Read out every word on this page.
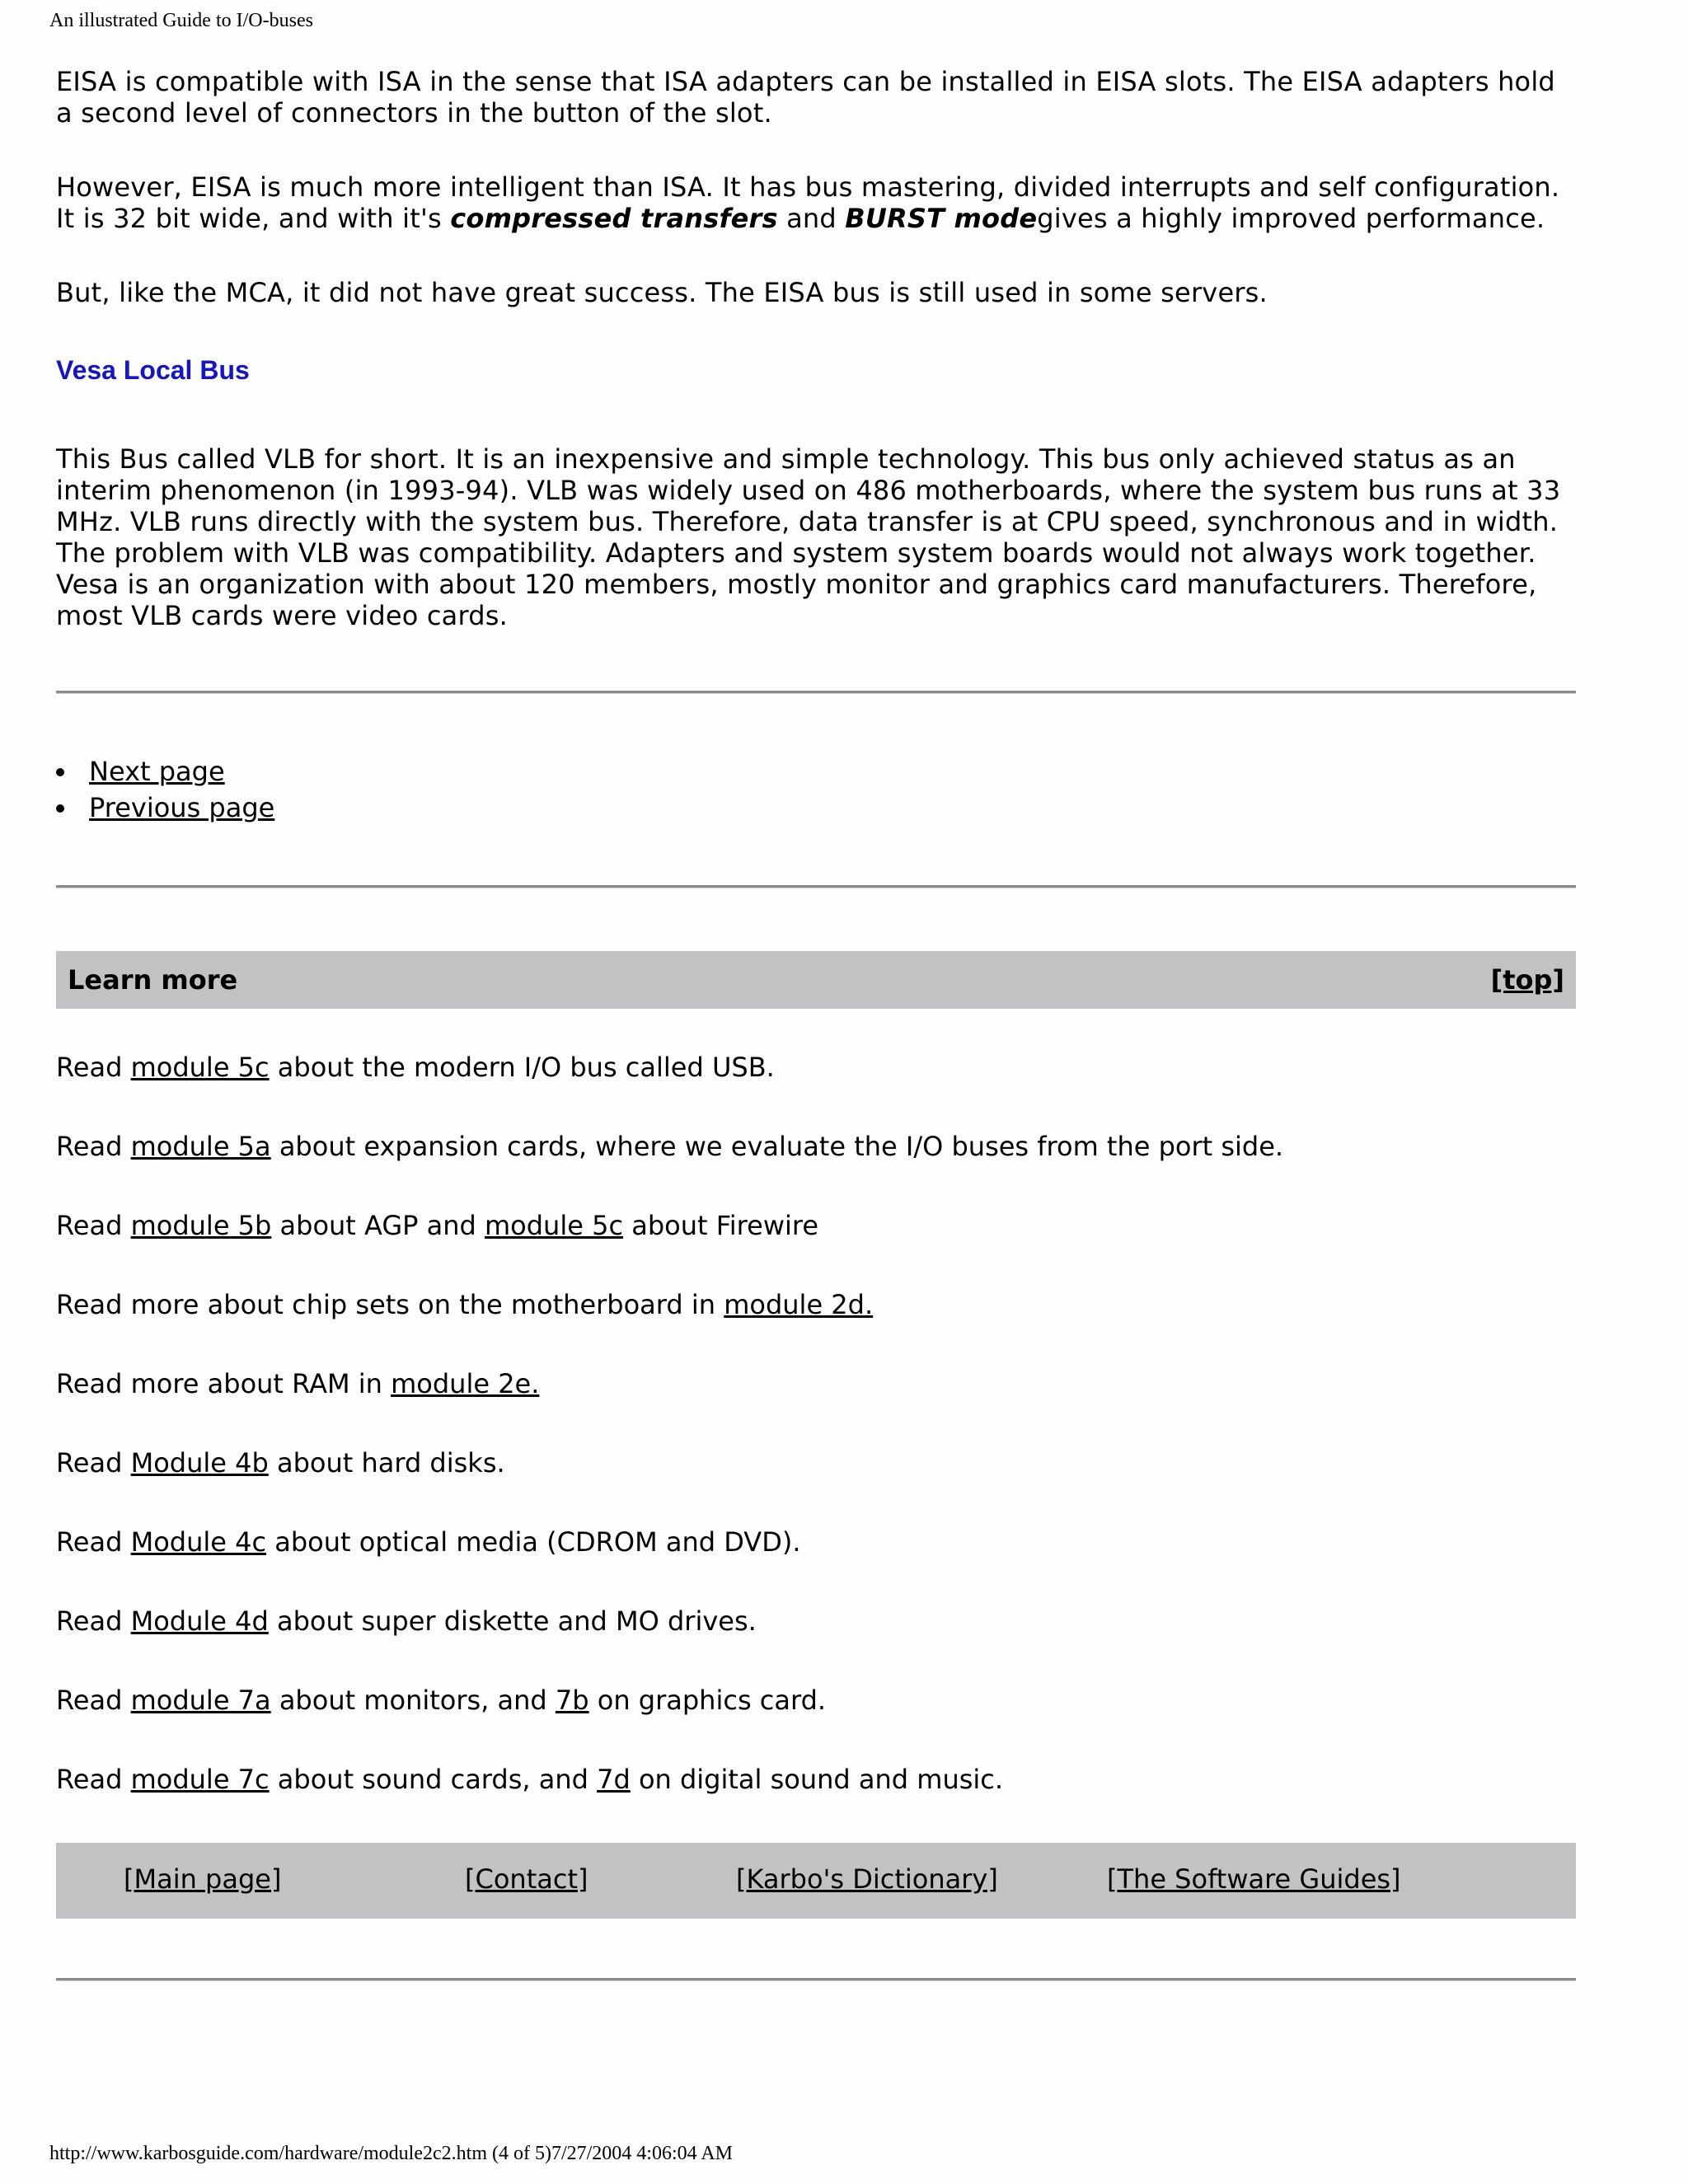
An illustrated Guide to I/O-buses

EISA is compatible with ISA in the sense that ISA adapters can be installed in EISA slots. The EISA adapters hold a second level of connectors in the button of the slot.

However, EISA is much more intelligent than ISA. It has bus mastering, divided interrupts and self configuration. It is 32 bit wide, and with it's compressed transfers and BURST modegives a highly improved performance.

But, like the MCA, it did not have great success. The EISA bus is still used in some servers.

Vesa Local Bus

This Bus called VLB for short. It is an inexpensive and simple technology. This bus only achieved status as an interim phenomenon (in 1993-94). VLB was widely used on 486 motherboards, where the system bus runs at 33 MHz. VLB runs directly with the system bus. Therefore, data transfer is at CPU speed, synchronous and in width. The problem with VLB was compatibility. Adapters and system system boards would not always work together. Vesa is an organization with about 120 members, mostly monitor and graphics card manufacturers. Therefore, most VLB cards were video cards.

Next page
Previous page
Learn more	[top]
Read module 5c about the modern I/O bus called USB.
Read module 5a about expansion cards, where we evaluate the I/O buses from the port side.
Read module 5b about AGP and module 5c about Firewire
Read more about chip sets on the motherboard in module 2d.
Read more about RAM in module 2e.
Read Module 4b about hard disks.
Read Module 4c about optical media (CDROM and DVD).
Read Module 4d about super diskette and MO drives.
Read module 7a about monitors, and 7b on graphics card.
Read module 7c about sound cards, and 7d on digital sound and music.
[Main page]	[Contact]	[Karbo's Dictionary]	[The Software Guides]
http://www.karbosguide.com/hardware/module2c2.htm (4 of 5)7/27/2004 4:06:04 AM
